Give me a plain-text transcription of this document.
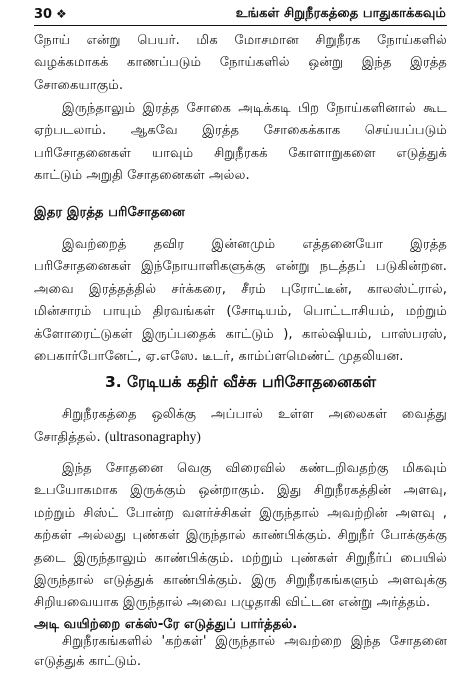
30 ❖	உங்கள் சிறுநீரகத்தை பாதுகாக்கவும்
நோய் என்று பெயர். மிக மோசமான சிறுநீரக நோய்களில்
வழக்கமாகக் காணப்படும் நோய்களில் ஒன்று இந்த இரத்த
சோகையாகும்.
இருந்தாலும் இரத்த சோகை அடிக்கடி பிற நோய்களினால் கூட
ஏற்படலாம். ஆகவே இரத்த சோகைக்காக செய்யப்படும்
பரிசோதனைகள் யாவும் சிறுநீரகக் கோளாறுகளை எடுத்துக்
காட்டும் அறுதி சோதனைகள் அல்ல.
இதர இரத்த பரிசோதனை
இவற்றைத் தவிர இன்னமும் எத்தனையோ இரத்த
பரிசோதனைகள் இந்நோயாளிகளுக்கு என்று நடத்தப் படுகின்றன.
அவை இரத்தத்தில் சர்க்கரை, சீரம் புரோட்டீன், காலஸ்ட்ரால்,
மின்சாரம் பாயும் திரவங்கள் (சோடியம், பொட்டாசியம், மற்றும்
க்ளோரைட்டுகள் இருப்பதைக் காட்டும் ), கால்ஷியம், பாஸ்பரஸ்,
பைகார்போனேட், ஏ.எஸே. டீடர், காம்ப்ளமெண்ட் முதலியன.
3. ரேடியக் கதிர் வீச்சு பரிசோதனைகள்
சிறுநீரகத்தை ஒலிக்கு அப்பால் உள்ள அலைகள் வைத்து
சோதித்தல். (ultrasonagraphy)
இந்த சோதனை வெகு விரைவில் கண்டறிவதற்கு மிகவும்
உபயோகமாக இருக்கும் ஒன்றாகும். இது சிறுநீரகத்தின் அளவு,
மற்றும் சிஸ்ட் போன்ற வளர்ச்சிகள் இருந்தால் அவற்றின் அளவு ,
கற்கள் அல்லது புண்கள் இருந்தால் காண்பிக்கும். சிறுநீர் போக்குக்கு
தடை இருந்தாலும் காண்பிக்கும். மற்றும் புண்கள் சிறுநீர்ப் பையில்
இருந்தால் எடுத்துக் காண்பிக்கும். இரு சிறுநீரகங்களும் அளவுக்கு
சிறியவையாக இருந்தால் அவை பழுதாகி விட்டன என்று அர்த்தம்.
அடி வயிற்றை எக்ஸ்-ரே எடுத்துப் பார்த்தல்.
சிறுநீரகங்களில் 'கற்கள்' இருந்தால் அவற்றை இந்த சோதனை
எடுத்துக் காட்டும்.
